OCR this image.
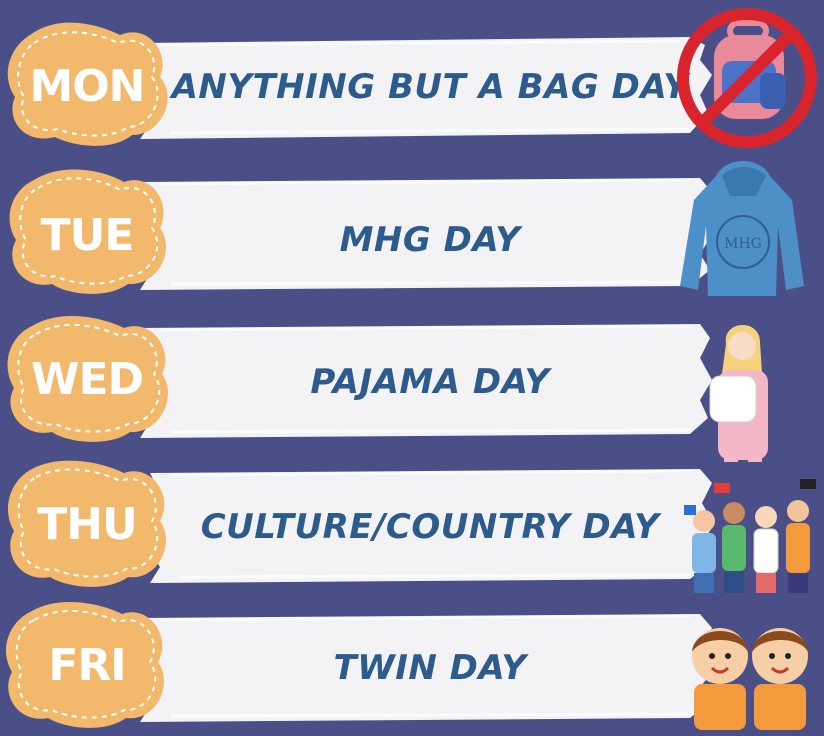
MON ANYTHING BUT A BAG DAY
TUE	MHG DAY	MHG
WED	PAJAMA DAY
THU	CULTURE/COUNTRY DAY
FRI	TWIN DAY
